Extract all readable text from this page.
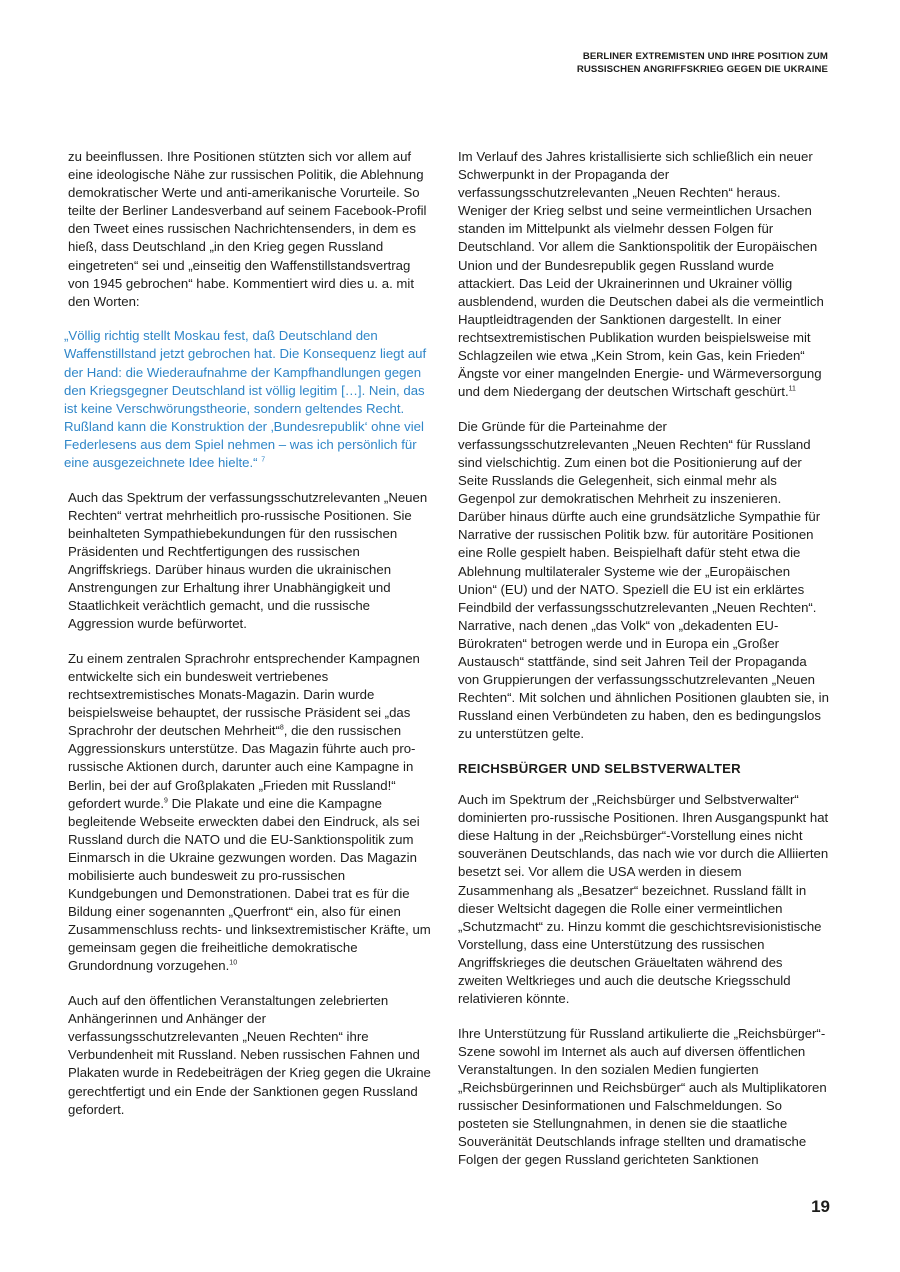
BERLINER EXTREMISTEN UND IHRE POSITION ZUM
RUSSISCHEN ANGRIFFSKRIEG GEGEN DIE UKRAINE

zu beeinflussen. Ihre Positionen stützten sich vor allem auf eine ideologische Nähe zur russischen Politik, die Ablehnung demokratischer Werte und anti-amerikanische Vorurteile. So teilte der Berliner Landesverband auf seinem Facebook-Profil den Tweet eines russischen Nachrichtensenders, in dem es hieß, dass Deutschland „in den Krieg gegen Russland eingetreten“ sei und „einseitig den Waffenstillstandsvertrag von 1945 gebrochen“ habe. Kommentiert wird dies u. a. mit den Worten:

„Völlig richtig stellt Moskau fest, daß Deutschland den Waffenstillstand jetzt gebrochen hat. Die Konsequenz liegt auf der Hand: die Wiederaufnahme der Kampfhandlungen gegen den Kriegsgegner Deutschland ist völlig legitim […]. Nein, das ist keine Verschwörungstheorie, sondern geltendes Recht. Rußland kann die Konstruktion der ‚Bundesrepublik‘ ohne viel Federlesens aus dem Spiel nehmen – was ich persönlich für eine ausgezeichnete Idee hielte.“ $^7$

Auch das Spektrum der verfassungsschutzrelevanten „Neuen Rechten“ vertrat mehrheitlich pro-russische Positionen. Sie beinhalteten Sympathiebekundungen für den russischen Präsidenten und Rechtfertigungen des russischen Angriffskriegs. Darüber hinaus wurden die ukrainischen Anstrengungen zur Erhaltung ihrer Unabhängigkeit und Staatlichkeit verächtlich gemacht, und die russische Aggression wurde befürwortet.

Zu einem zentralen Sprachrohr entsprechender Kampagnen entwickelte sich ein bundesweit vertriebenes rechtsextremistisches Monats-Magazin. Darin wurde beispielsweise behauptet, der russische Präsident sei „das Sprachrohr der deutschen Mehrheit“$^8$, die den russischen Aggressionskurs unterstütze. Das Magazin führte auch pro-russische Aktionen durch, darunter auch eine Kampagne in Berlin, bei der auf Großplakaten „Frieden mit Russland!“ gefordert wurde.$^9$ Die Plakate und eine die Kampagne begleitende Webseite erweckten dabei den Eindruck, als sei Russland durch die NATO und die EU-Sanktionspolitik zum Einmarsch in die Ukraine gezwungen worden. Das Magazin mobilisierte auch bundesweit zu pro-russischen Kundgebungen und Demonstrationen. Dabei trat es für die Bildung einer sogenannten „Querfront“ ein, also für einen Zusammenschluss rechts- und linksextremistischer Kräfte, um gemeinsam gegen die freiheitliche demokratische Grundordnung vorzugehen.$^{10}$

Auch auf den öffentlichen Veranstaltungen zelebrierten Anhängerinnen und Anhänger der verfassungsschutzrelevanten „Neuen Rechten“ ihre Verbundenheit mit Russland. Neben russischen Fahnen und Plakaten wurde in Redebeiträgen der Krieg gegen die Ukraine gerechtfertigt und ein Ende der Sanktionen gegen Russland gefordert.

Im Verlauf des Jahres kristallisierte sich schließlich ein neuer Schwerpunkt in der Propaganda der verfassungsschutzrelevanten „Neuen Rechten“ heraus. Weniger der Krieg selbst und seine vermeintlichen Ursachen standen im Mittelpunkt als vielmehr dessen Folgen für Deutschland. Vor allem die Sanktionspolitik der Europäischen Union und der Bundesrepublik gegen Russland wurde attackiert. Das Leid der Ukrainerinnen und Ukrainer völlig ausblendend, wurden die Deutschen dabei als die vermeintlich Hauptleidtragenden der Sanktionen dargestellt. In einer rechtsextremistischen Publikation wurden beispielsweise mit Schlagzeilen wie etwa „Kein Strom, kein Gas, kein Frieden“ Ängste vor einer mangelnden Energie- und Wärmeversorgung und dem Niedergang der deutschen Wirtschaft geschürt.$^{11}$

Die Gründe für die Parteinahme der verfassungsschutzrelevanten „Neuen Rechten“ für Russland sind vielschichtig. Zum einen bot die Positionierung auf der Seite Russlands die Gelegenheit, sich einmal mehr als Gegenpol zur demokratischen Mehrheit zu inszenieren. Darüber hinaus dürfte auch eine grundsätzliche Sympathie für Narrative der russischen Politik bzw. für autoritäre Positionen eine Rolle gespielt haben. Beispielhaft dafür steht etwa die Ablehnung multilateraler Systeme wie der „Europäischen Union“ (EU) und der NATO. Speziell die EU ist ein erklärtes Feindbild der verfassungsschutzrelevanten „Neuen Rechten“. Narrative, nach denen „das Volk“ von „dekadenten EU-Bürokraten“ betrogen werde und in Europa ein „Großer Austausch“ stattfände, sind seit Jahren Teil der Propaganda von Gruppierungen der verfassungsschutzrelevanten „Neuen Rechten“. Mit solchen und ähnlichen Positionen glaubten sie, in Russland einen Verbündeten zu haben, den es bedingungslos zu unterstützen gelte.

REICHSBÜRGER UND SELBSTVERWALTER

Auch im Spektrum der „Reichsbürger und Selbstverwalter“ dominierten pro-russische Positionen. Ihren Ausgangspunkt hat diese Haltung in der „Reichsbürger“-Vorstellung eines nicht souveränen Deutschlands, das nach wie vor durch die Alliierten besetzt sei. Vor allem die USA werden in diesem Zusammenhang als „Besatzer“ bezeichnet. Russland fällt in dieser Weltsicht dagegen die Rolle einer vermeintlichen „Schutzmacht“ zu. Hinzu kommt die geschichtsrevisionistische Vorstellung, dass eine Unterstützung des russischen Angriffskrieges die deutschen Gräueltaten während des zweiten Weltkrieges und auch die deutsche Kriegsschuld relativieren könnte.

Ihre Unterstützung für Russland artikulierte die „Reichsbürger“-Szene sowohl im Internet als auch auf diversen öffentlichen Veranstaltungen. In den sozialen Medien fungierten „Reichsbürgerinnen und Reichsbürger“ auch als Multiplikatoren russischer Desinformationen und Falschmeldungen. So posteten sie Stellungnahmen, in denen sie die staatliche Souveränität Deutschlands infrage stellten und dramatische Folgen der gegen Russland gerichteten Sanktionen

19
